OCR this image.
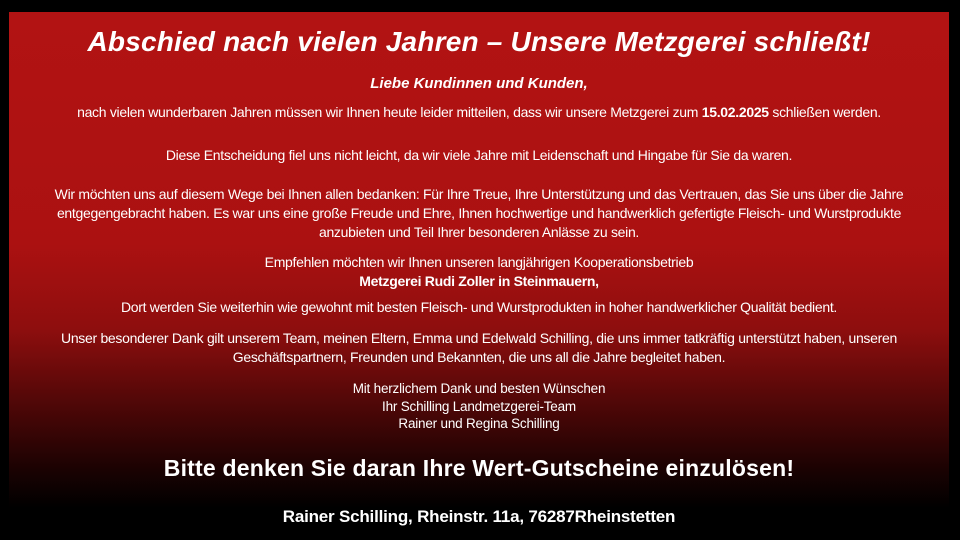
Abschied nach vielen Jahren – Unsere Metzgerei schließt!
Liebe Kundinnen und Kunden,

nach vielen wunderbaren Jahren müssen wir Ihnen heute leider mitteilen, dass wir unsere Metzgerei zum 15.02.2025 schließen werden.

Diese Entscheidung fiel uns nicht leicht, da wir viele Jahre mit Leidenschaft und Hingabe für Sie da waren.

Wir möchten uns auf diesem Wege bei Ihnen allen bedanken: Für Ihre Treue, Ihre Unterstützung und das Vertrauen, das Sie uns über die Jahre entgegengebracht haben. Es war uns eine große Freude und Ehre, Ihnen hochwertige und handwerklich gefertigte Fleisch- und Wurstprodukte anzubieten und Teil Ihrer besonderen Anlässe zu sein.

Empfehlen möchten wir Ihnen unseren langjährigen Kooperationsbetrieb
Metzgerei Rudi Zoller in Steinmauern,

Dort werden Sie weiterhin wie gewohnt mit besten Fleisch- und Wurstprodukten in hoher handwerklicher Qualität bedient.

Unser besonderer Dank gilt unserem Team, meinen Eltern, Emma und Edelwald Schilling, die uns immer tatkräftig unterstützt haben, unseren Geschäftspartnern, Freunden und Bekannten, die uns all die Jahre begleitet haben.

Mit herzlichem Dank und besten Wünschen
Ihr Schilling Landmetzgerei-Team
Rainer und Regina Schilling
Bitte denken Sie daran Ihre Wert-Gutscheine einzulösen!
Rainer Schilling, Rheinstr. 11a, 76287Rheinstetten
